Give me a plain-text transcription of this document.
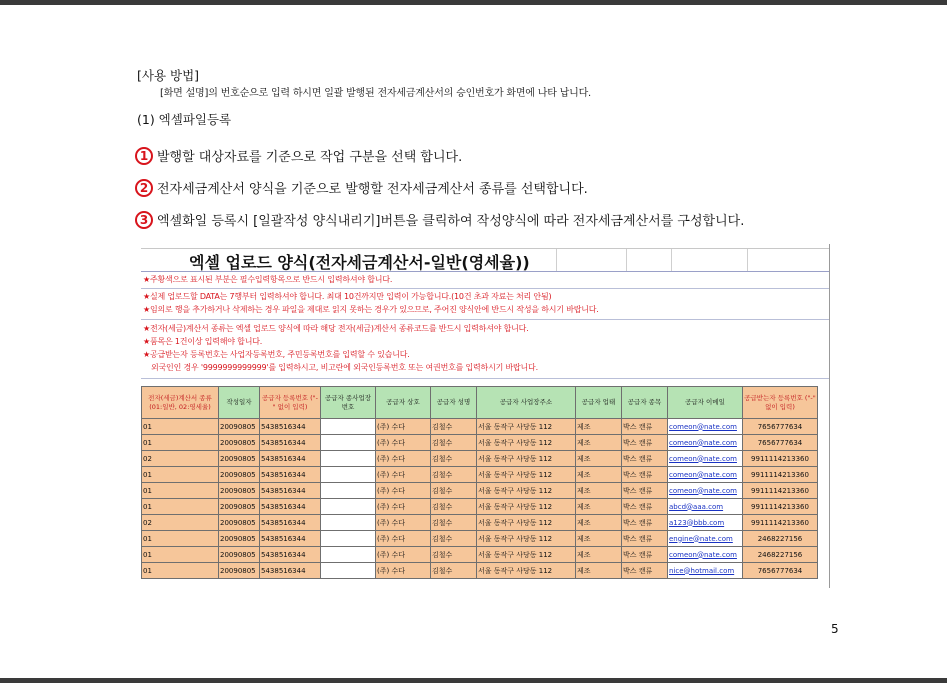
[사용 방법]
[화면 설명]의 번호순으로 입력 하시면 일괄 발행된 전자세금계산서의 승인번호가 화면에 나타 납니다.
(1) 엑셀파일등록
1 발행할 대상자료를 기준으로 작업 구분을 선택 합니다.
2 전자세금계산서 양식을 기준으로 발행할 전자세금계산서 종류를 선택합니다.
3 엑셀화일 등록시 [일괄작성 양식내리기]버튼을 클릭하여 작성양식에 따라 전자세금계산서를 구성합니다.
엑셀 업로드 양식(전자세금계산서-일반(영세율))
★주황색으로 표시된 부분은 필수입력항목으로 반드시 입력하셔야 합니다.
★실제 업로드할 DATA는 7행부터 입력하셔야 합니다. 최대 10건까지만 입력이 가능합니다.(10건 초과 자료는 처리 안됨)
★임의로 행을 추가하거나 삭제하는 경우 파일을 제대로 읽지 못하는 경우가 있으므로, 주어진 양식안에 반드시 작성을 하시기 바랍니다.
★전자(세금)계산서 종류는 엑셀 업로드 양식에 따라 해당 전자(세금)계산서 종류코드를 반드시 입력하셔야 합니다.
★품목은 1건이상 입력해야 합니다.
★공급받는자 등록번호는 사업자등록번호, 주민등록번호를 입력할 수 있습니다.
외국인인 경우 '9999999999999'를 입력하시고, 비고란에 외국인등록번호 또는 여권번호를 입력하시기 바랍니다.
전자(세금)계산서 종류 (01:일반, 02:영세율)	작성일자	공급자 등록번호 ("-" 없이 입력)	공급자 종사업장번호	공급자 상호	공급자 성명	공급자 사업장주소	공급자 업태	공급자 종목	공급자 이메일	공급받는자 등록번호 ("-" 없이 입력)
01	20090805	5438516344		(주) 수다	김철수	서울 동작구 사당동 112	제조	박스 캔류	comeon@nate.com	7656777634
01	20090805	5438516344		(주) 수다	김철수	서울 동작구 사당동 112	제조	박스 캔류	comeon@nate.com	7656777634
02	20090805	5438516344		(주) 수다	김철수	서울 동작구 사당동 112	제조	박스 캔류	comeon@nate.com	9911114213360
01	20090805	5438516344		(주) 수다	김철수	서울 동작구 사당동 112	제조	박스 캔류	comeon@nate.com	9911114213360
01	20090805	5438516344		(주) 수다	김철수	서울 동작구 사당동 112	제조	박스 캔류	comeon@nate.com	9911114213360
01	20090805	5438516344		(주) 수다	김철수	서울 동작구 사당동 112	제조	박스 캔류	abcd@aaa.com	9911114213360
02	20090805	5438516344		(주) 수다	김철수	서울 동작구 사당동 112	제조	박스 캔류	a123@bbb.com	9911114213360
01	20090805	5438516344		(주) 수다	김철수	서울 동작구 사당동 112	제조	박스 캔류	engine@nate.com	2468227156
01	20090805	5438516344		(주) 수다	김철수	서울 동작구 사당동 112	제조	박스 캔류	comeon@nate.com	2468227156
01	20090805	5438516344		(주) 수다	김철수	서울 동작구 사당동 112	제조	박스 캔류	nice@hotmail.com	7656777634
5
